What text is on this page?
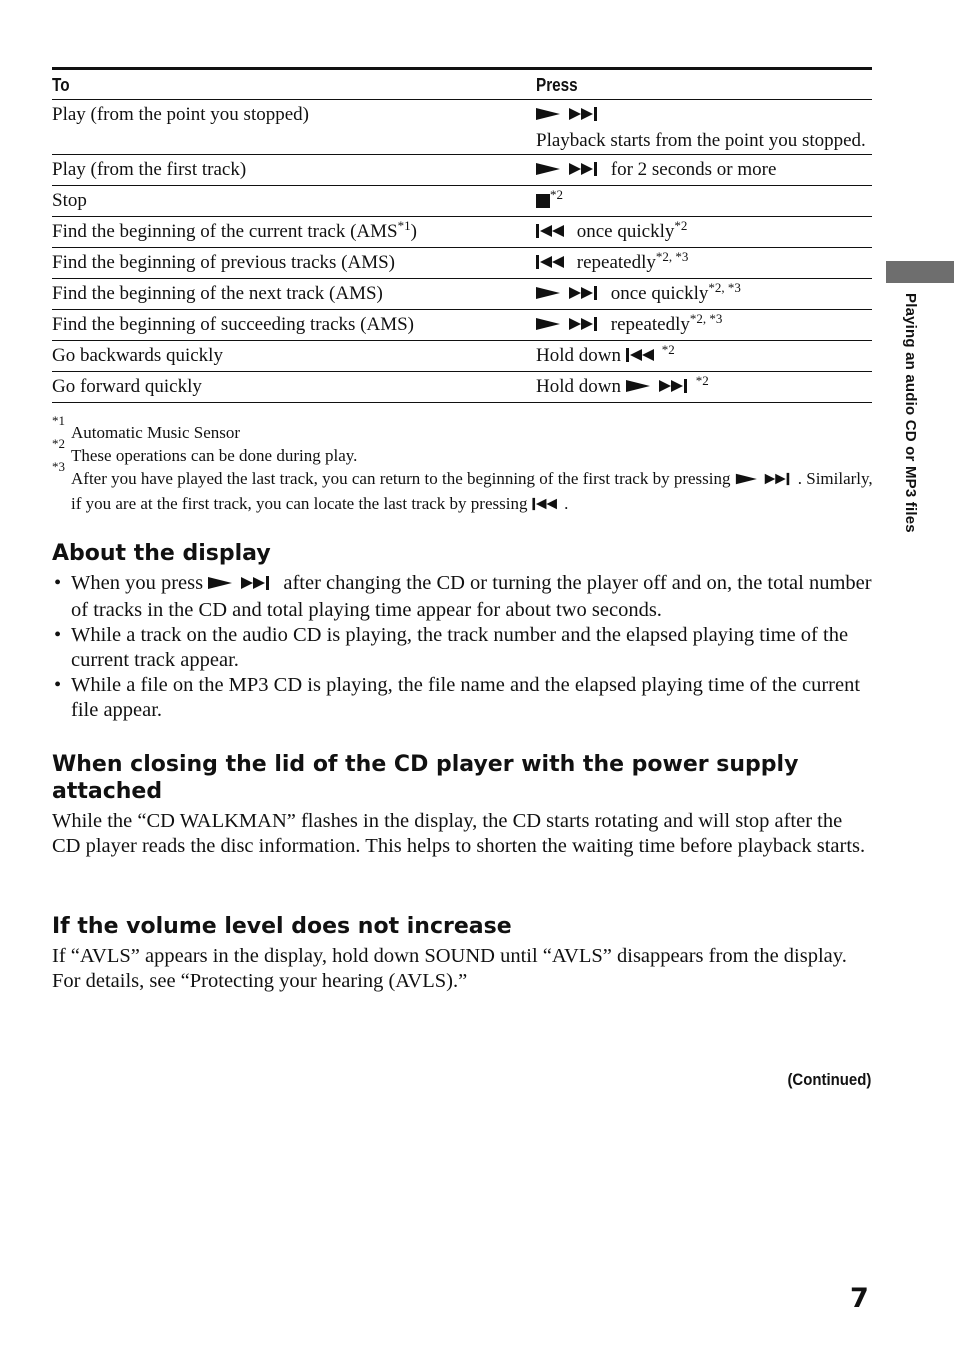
To	Press
Play (from the point you stopped)	Playback starts from the point you stopped.
Play (from the first track)	for 2 seconds or more
Stop	$^{*2}$
Find the beginning of the current track (AMS$^{*1}$)	once quickly$^{*2}$
Find the beginning of previous tracks (AMS)	repeatedly$^{*2, *3}$
Find the beginning of the next track (AMS)	once quickly$^{*2, *3}$
Find the beginning of succeeding tracks (AMS)	repeatedly$^{*2, *3}$
Go backwards quickly	Hold down $^{*2}$
Go forward quickly	Hold down $^{*2}$
*1
Automatic Music Sensor
*2
These operations can be done during play.
*3
After you have played the last track, you can return to the beginning of the first track by pressing	. Similarly, if you are at the first track, you can locate the last track by pressing .
About the display
• When you press	after changing the CD or turning the player off and on, the total number of tracks in the CD and total playing time appear for about two seconds.
• While a track on the audio CD is playing, the track number and the elapsed playing time of the current track appear.
• While a file on the MP3 CD is playing, the file name and the elapsed playing time of the current file appear.
When closing the lid of the CD player with the power supply attached
While the “CD WALKMAN” flashes in the display, the CD starts rotating and will stop after the CD player reads the disc information. This helps to shorten the waiting time before playback starts.
If the volume level does not increase
If “AVLS” appears in the display, hold down SOUND until “AVLS” disappears from the display. For details, see “Protecting your hearing (AVLS).”
Playing an audio CD or MP3 files
(Continued)
7
